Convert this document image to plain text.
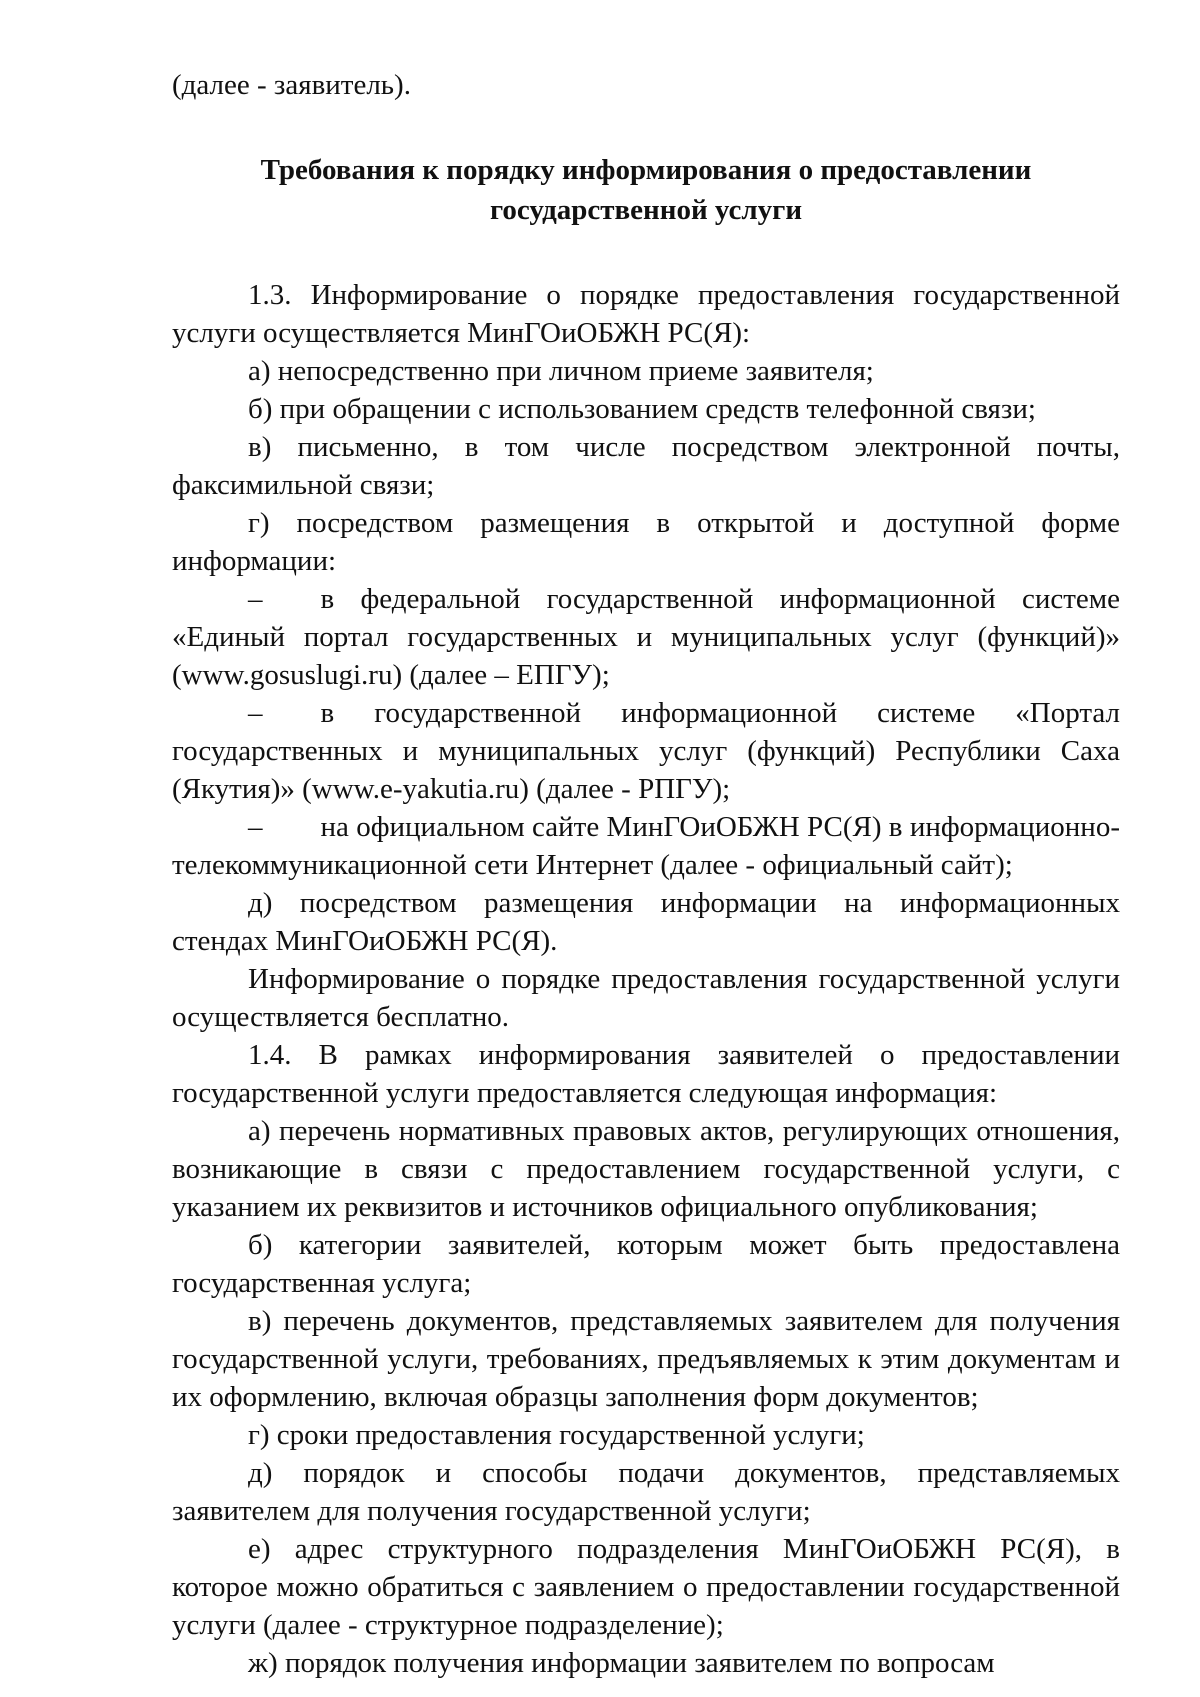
(далее - заявитель).

Требования к порядку информирования о предоставлении
государственной услуги

1.3. Информирование о порядке предоставления государственной услуги осуществляется МинГОиОБЖН РС(Я):

а) непосредственно при личном приеме заявителя;

б) при обращении с использованием средств телефонной связи;

в) письменно, в том числе посредством электронной почты, факсимильной связи;

г) посредством размещения в открытой и доступной форме информации:

–  в федеральной государственной информационной системе «Единый портал государственных и муниципальных услуг (функций)» (www.gosuslugi.ru) (далее – ЕПГУ);

–  в государственной информационной системе «Портал государственных и муниципальных услуг (функций) Республики Саха (Якутия)» (www.e-yakutia.ru) (далее - РПГУ);

–  на официальном сайте МинГОиОБЖН РС(Я) в информационно-телекоммуникационной сети Интернет (далее - официальный сайт);

д) посредством размещения информации на информационных стендах МинГОиОБЖН РС(Я).

Информирование о порядке предоставления государственной услуги осуществляется бесплатно.

1.4. В рамках информирования заявителей о предоставлении государственной услуги предоставляется следующая информация:

а) перечень нормативных правовых актов, регулирующих отношения, возникающие в связи с предоставлением государственной услуги, с указанием их реквизитов и источников официального опубликования;

б) категории заявителей, которым может быть предоставлена государственная услуга;

в) перечень документов, представляемых заявителем для получения государственной услуги, требованиях, предъявляемых к этим документам и их оформлению, включая образцы заполнения форм документов;

г) сроки предоставления государственной услуги;

д) порядок и способы подачи документов, представляемых заявителем для получения государственной услуги;

е) адрес структурного подразделения МинГОиОБЖН РС(Я), в которое можно обратиться с заявлением о предоставлении государственной услуги (далее - структурное подразделение);

ж) порядок получения информации заявителем по вопросам
